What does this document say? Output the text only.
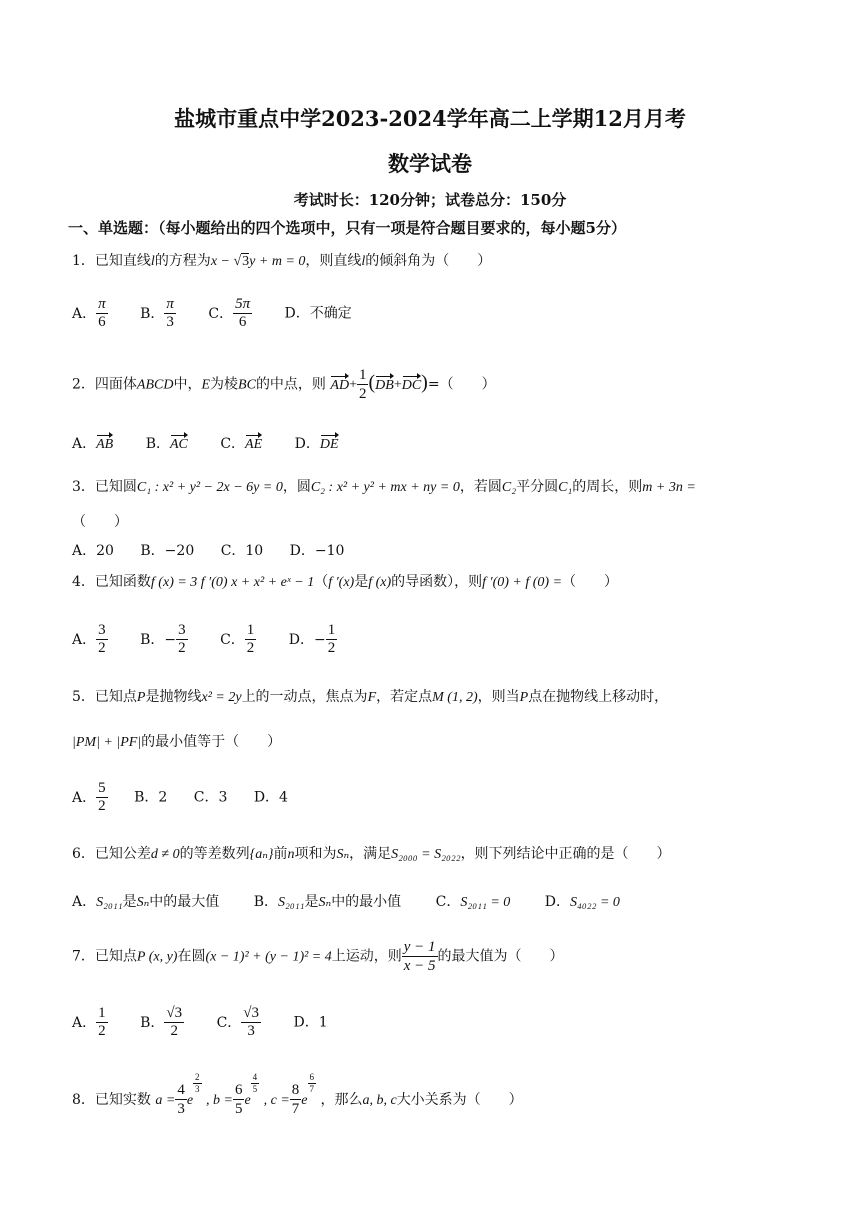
盐城市重点中学2023-2024学年高二上学期12月月考
数学试卷
考试时长：120分钟；试卷总分：150分
一、单选题：（每小题给出的四个选项中，只有一项是符合题目要求的，每小题5分）
1．已知直线l的方程为x − √3y + m = 0，则直线l的倾斜角为（　　）
A． $\frac{\pi}{6}$ B． $\frac{\pi}{3}$ C． $\frac{5\pi}{6}$ D．不确定
2．四面体ABCD中，E为棱BC的中点，则 $AD+ \frac{1}{2} (DB+DC)=$（　　）
A．AB B．AC C．AE D．DE
3．已知圆C₁ : x² + y² − 2x − 6y = 0，圆C₂ : x² + y² + mx + ny = 0，若圆C₂平分圆C₁的周长，则m + 3n =
（　　）
A．20 B．−20 C．10 D．−10
4．已知函数f (x) = 3 f ′(0) x + x² + eˣ − 1（f ′(x)是f (x)的导函数），则f ′(0) + f (0) =（　　）
A． $\frac{3}{2}$ B．− $\frac{3}{2}$ C． $\frac{1}{2}$ D．− $\frac{1}{2}$
5．已知点P是抛物线x² = 2y上的一动点，焦点为F，若定点M (1, 2)，则当P点在抛物线上移动时，
|PM| + |PF|的最小值等于（　　）
A． $\frac{5}{2}$ B．2 C．3 D．4
6．已知公差d ≠ 0的等差数列{aₙ}前n项和为Sₙ，满足S₂₀₀₀ = S₂₀₂₂，则下列结论中正确的是（　　）
A．S₂₀₁₁是Sₙ中的最大值 B．S₂₀₁₁是Sₙ中的最小值 C．S₂₀₁₁ = 0 D．S₄₀₂₂ = 0
7．已知点P (x, y)在圆(x − 1)² + (y − 1)² = 4上运动，则 $\frac{y - 1}{x - 5}$ 的最大值为（　　）
A． $\frac{1}{2}$ B． $\frac{√3}{2}$ C． $\frac{√3}{3}$ D．1
8．已知实数 $a = \frac{4}{3}$ e
$\frac{2}{3}$
, $b = \frac{6}{5}$ e
$\frac{4}{5}$
, $c = \frac{8}{7}$ e
$\frac{6}{7}$
，那么a, b, c大小关系为（　　）
